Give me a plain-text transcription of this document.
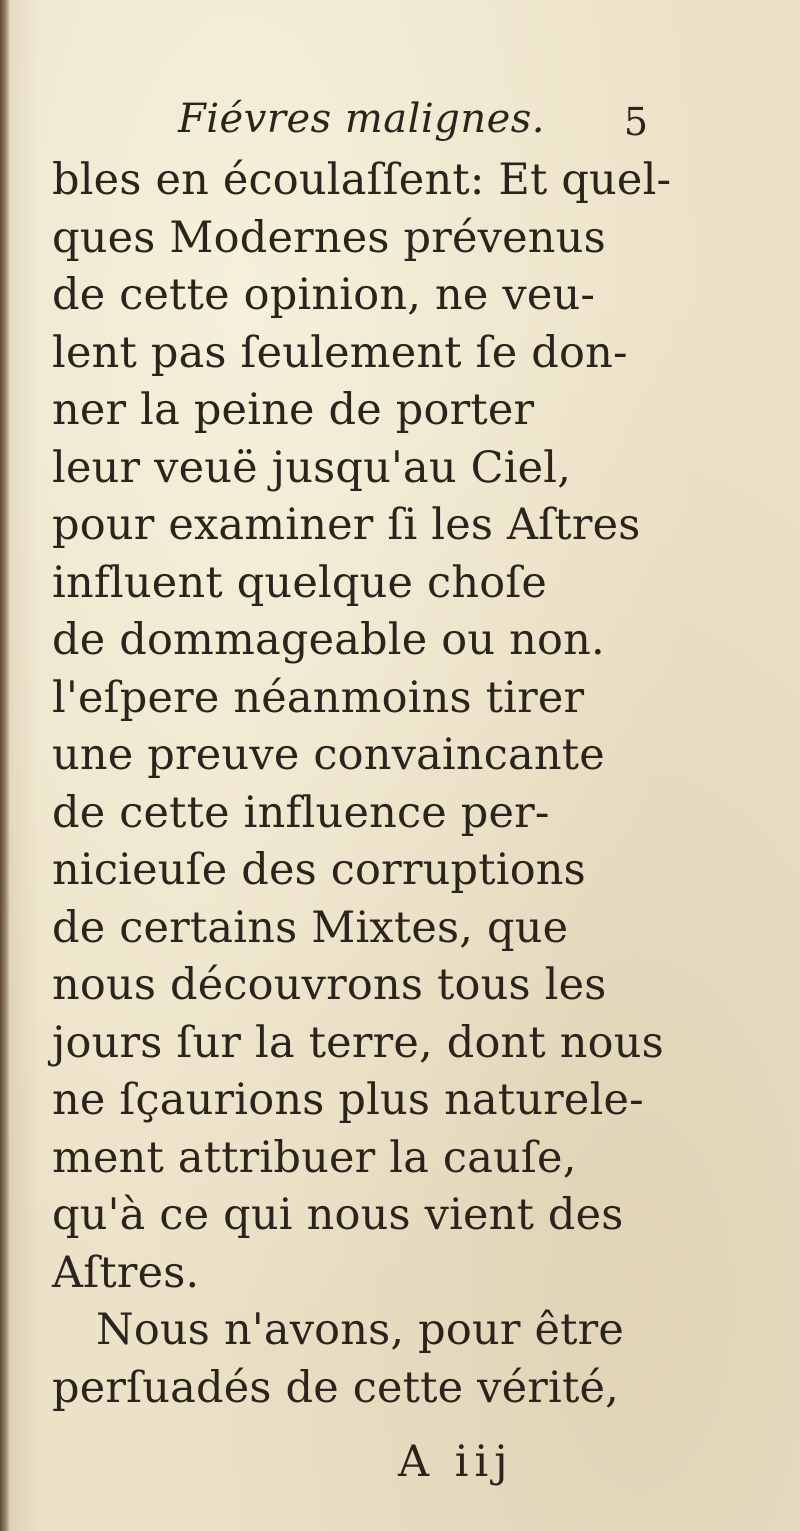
Fiévres malignes. 5
bles en écoulaſſent: Et quel-
ques Modernes prévenus
de cette opinion, ne veu-
lent pas ſeulement ſe don-
ner la peine de porter
leur veuë jusqu'au Ciel,
pour examiner ſi les Aſtres
influent quelque choſe
de dommageable ou non.
l'eſpere néanmoins tirer
une preuve convaincante
de cette influence per-
nicieuſe des corruptions
de certains Mixtes, que
nous découvrons tous les
jours ſur la terre, dont nous
ne ſçaurions plus naturele-
ment attribuer la cauſe,
qu'à ce qui nous vient des
Aſtres.
Nous n'avons, pour être
perſuadés de cette vérité,
A iij
